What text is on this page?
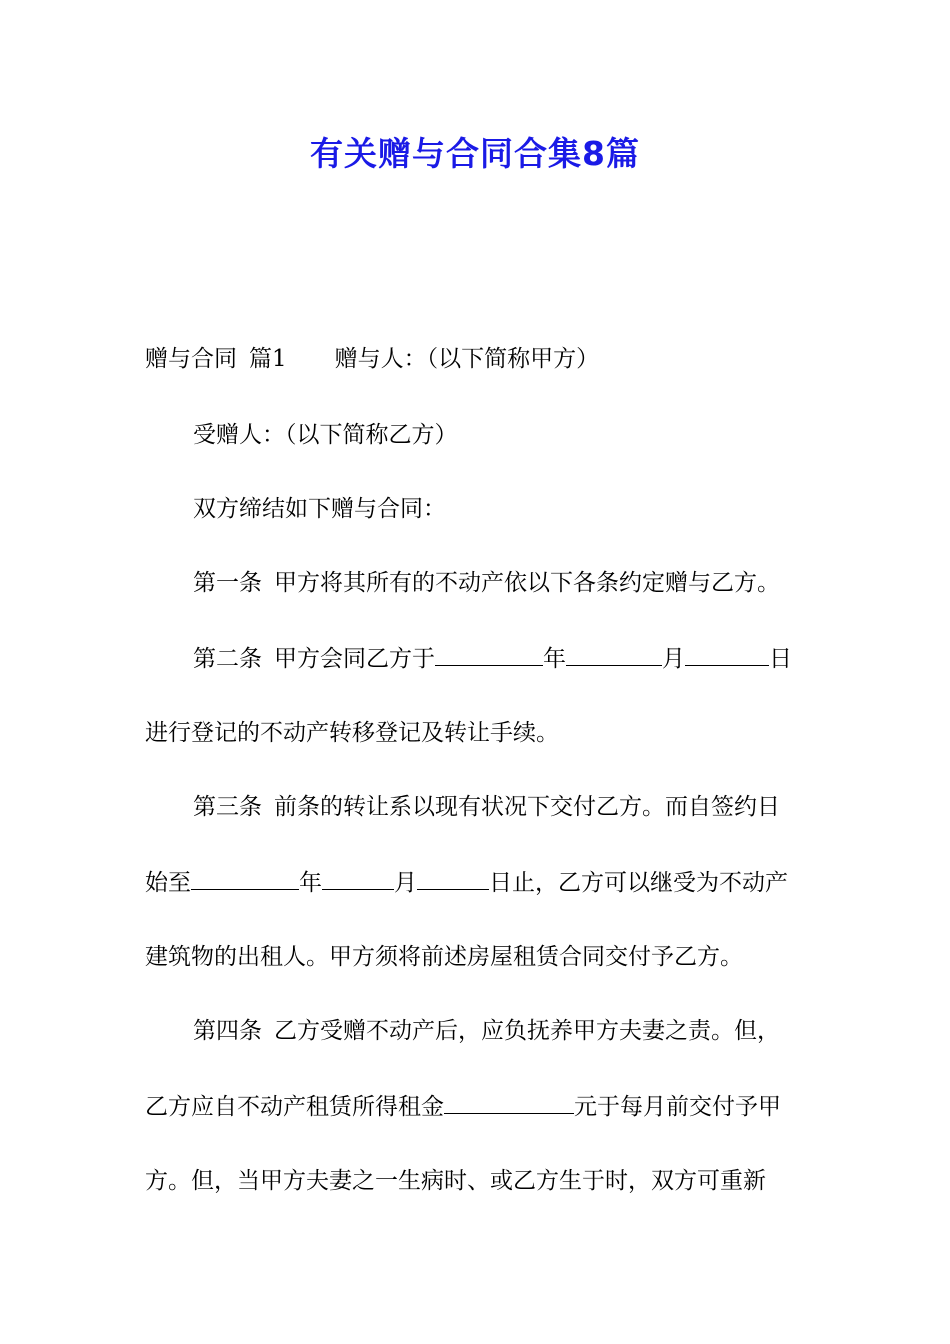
有关赠与合同合集8篇
赠与合同 篇1 赠与人：（以下简称甲方）
受赠人：（以下简称乙方）
双方缔结如下赠与合同：
第一条 甲方将其所有的不动产依以下各条约定赠与乙方。
第二条 甲方会同乙方于	年	月	日
进行登记的不动产转移登记及转让手续。
第三条 前条的转让系以现有状况下交付乙方。而自签约日
始至	年	月	日止，乙方可以继受为不动产
建筑物的出租人。甲方须将前述房屋租赁合同交付予乙方。
第四条 乙方受赠不动产后，应负抚养甲方夫妻之责。但，
乙方应自不动产租赁所得租金	元于每月前交付予甲
方。但，当甲方夫妻之一生病时、或乙方生于时，双方可重新
